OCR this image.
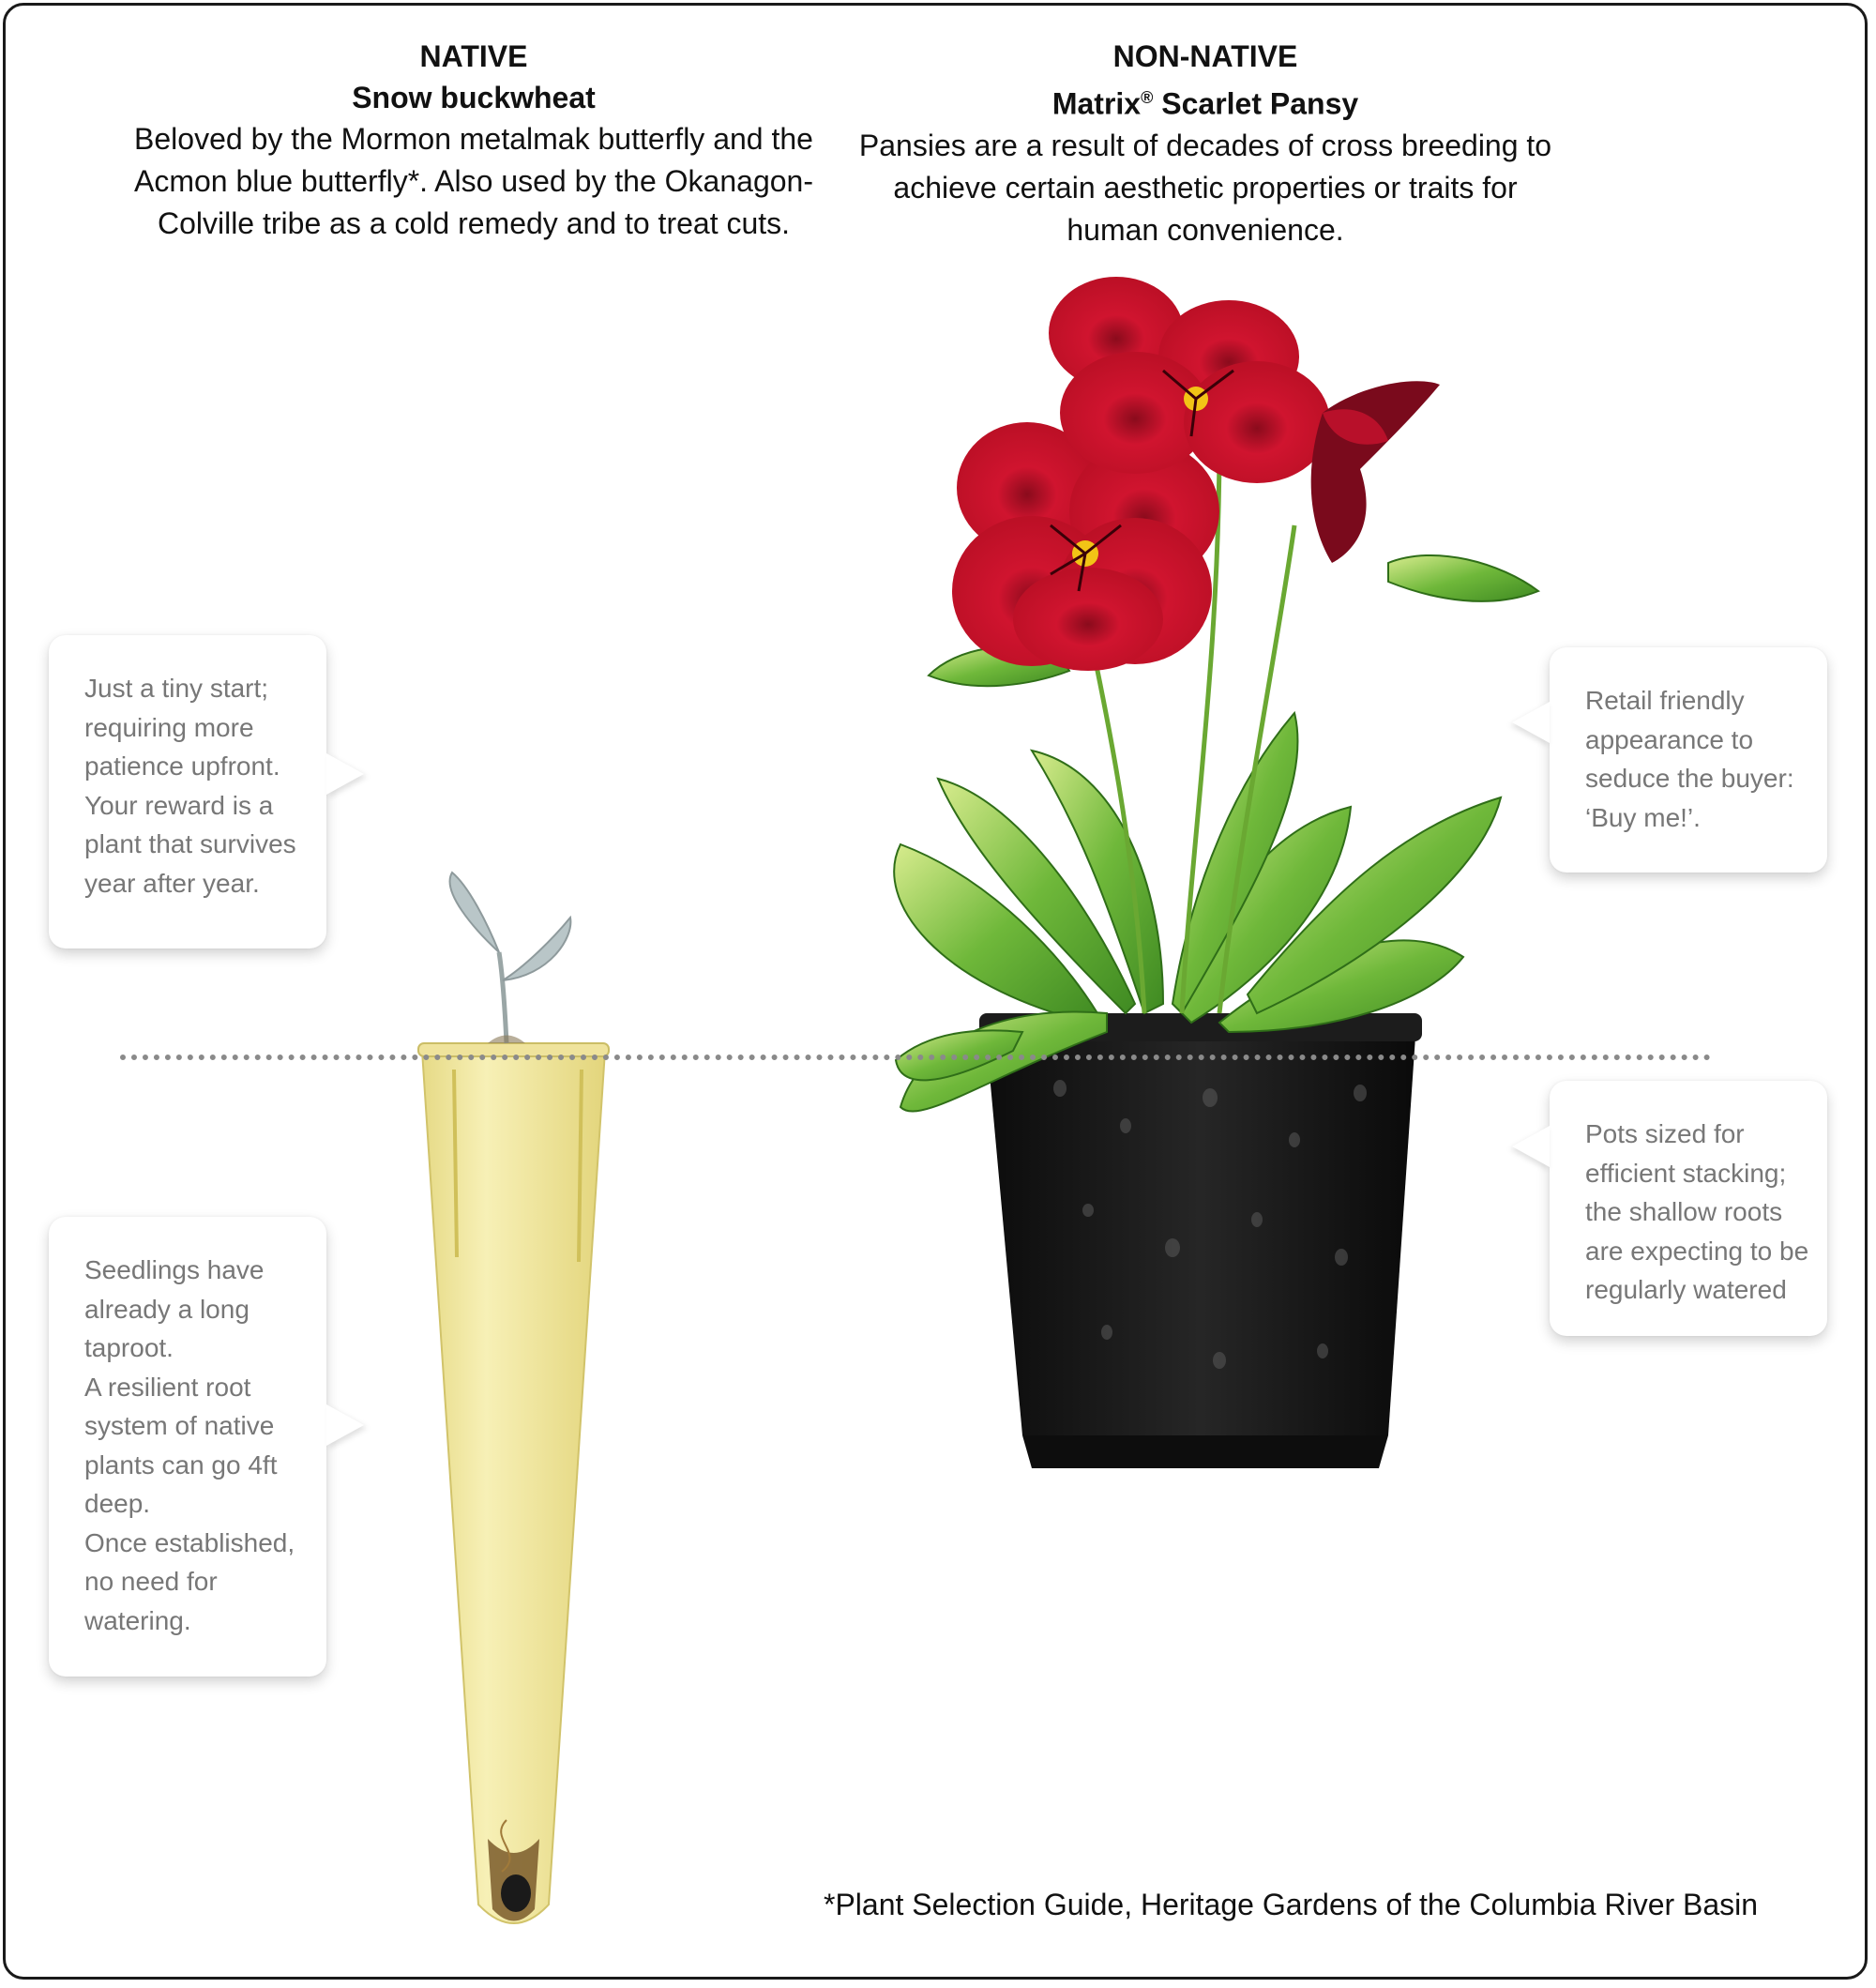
NATIVE
Snow buckwheat
Beloved by the Mormon metalmak butterfly and the
Acmon blue butterfly*. Also used by the Okanagon-
Colville tribe as a cold remedy and to treat cuts.
NON-NATIVE
Matrix® Scarlet Pansy
Pansies are a result of decades of cross breeding to
achieve certain aesthetic properties or traits for
human convenience.
Just a tiny start;
requiring more
patience upfront.
Your reward is a
plant that survives
year after year.
Seedlings have
already a long
taproot.
A resilient root
system of native
plants can go 4ft
deep.
Once established,
no need for
watering.
Retail friendly
appearance to
seduce the buyer:
‘Buy me!’.
Pots sized for
efficient stacking;
the shallow roots
are expecting to be
regularly watered
*Plant Selection Guide, Heritage Gardens of the Columbia River Basin
